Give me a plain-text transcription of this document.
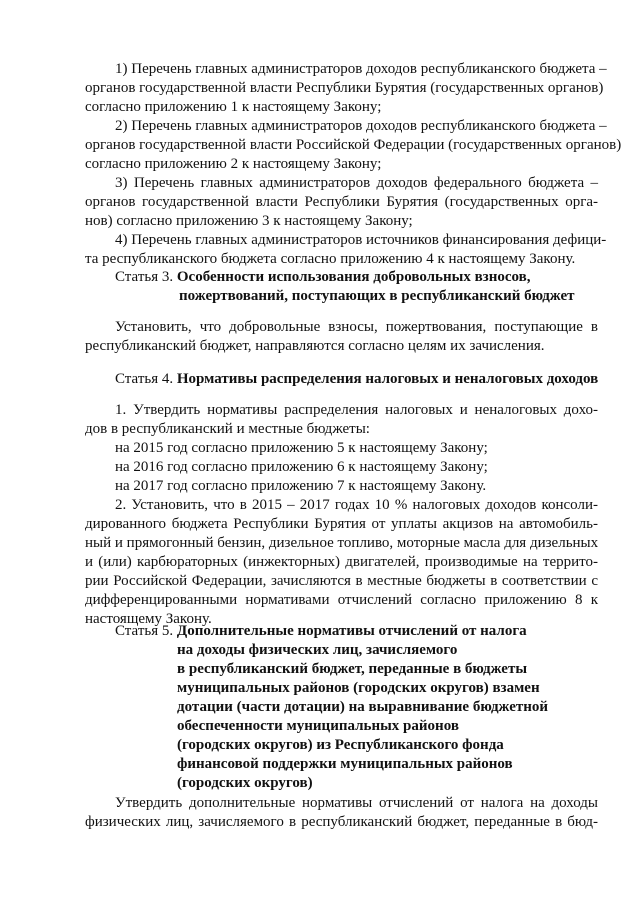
1) Перечень главных администраторов доходов республиканского бюджета –
органов государственной власти Республики Бурятия (государственных органов)
согласно приложению 1 к настоящему Закону;
2) Перечень главных администраторов доходов республиканского бюджета –
органов государственной власти Российской Федерации (государственных органов)
согласно приложению 2 к настоящему Закону;
3) Перечень главных администраторов доходов федерального бюджета –
органов государственной власти Республики Бурятия (государственных орга-
нов) согласно приложению 3 к настоящему Закону;
4) Перечень главных администраторов источников финансирования дефици-
та республиканского бюджета согласно приложению 4 к настоящему Закону.
Статья 3. Особенности использования добровольных взносов,
пожертвований, поступающих в республиканский бюджет
Установить, что добровольные взносы, пожертвования, поступающие в
республиканский бюджет, направляются согласно целям их зачисления.
Статья 4. Нормативы распределения налоговых и неналоговых доходов
1. Утвердить нормативы распределения налоговых и неналоговых дохо-
дов в республиканский и местные бюджеты:
на 2015 год согласно приложению 5 к настоящему Закону;
на 2016 год согласно приложению 6 к настоящему Закону;
на 2017 год согласно приложению 7 к настоящему Закону.
2. Установить, что в 2015 – 2017 годах 10 % налоговых доходов консоли-
дированного бюджета Республики Бурятия от уплаты акцизов на автомобиль-
ный и прямогонный бензин, дизельное топливо, моторные масла для дизельных
и (или) карбюраторных (инжекторных) двигателей, производимые на террито-
рии Российской Федерации, зачисляются в местные бюджеты в соответствии с
дифференцированными нормативами отчислений согласно приложению 8 к
настоящему Закону.
Статья 5. Дополнительные нормативы отчислений от налога
на доходы физических лиц, зачисляемого
в республиканский бюджет, переданные в бюджеты
муниципальных районов (городских округов) взамен
дотации (части дотации) на выравнивание бюджетной
обеспеченности муниципальных районов
(городских округов) из Республиканского фонда
финансовой поддержки муниципальных районов
(городских округов)
Утвердить дополнительные нормативы отчислений от налога на доходы
физических лиц, зачисляемого в республиканский бюджет, переданные в бюд-
